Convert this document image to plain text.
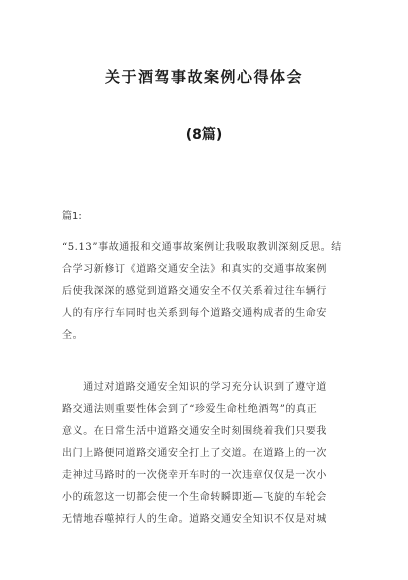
关于酒驾事故案例心得体会
(8篇)
篇1:
“5.13”事故通报和交通事故案例让我吸取教训深刻反思。结
合学习新修订《道路交通安全法》和真实的交通事故案例
后使我深深的感觉到道路交通安全不仅关系着过往车辆行
人的有序行车同时也关系到每个道路交通构成者的生命安
全。
　　通过对道路交通安全知识的学习充分认识到了遵守道
路交通法则重要性体会到了“珍爱生命杜绝酒驾”的真正
意义。在日常生活中道路交通安全时刻围绕着我们只要我
出门上路便同道路交通安全打上了交道。在道路上的一次
走神过马路时的一次侥幸开车时的一次违章仅仅是一次小
小的疏忽这一切都会使一个生命转瞬即逝—飞旋的车轮会
无情地吞噬掉行人的生命。道路交通安全知识不仅是对城
